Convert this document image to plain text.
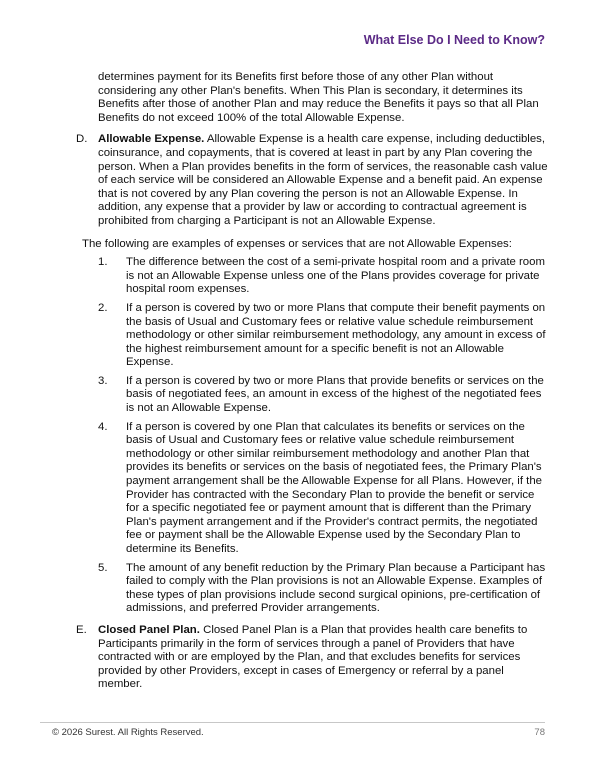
What Else Do I Need to Know?

determines payment for its Benefits first before those of any other Plan without considering any other Plan's benefits. When This Plan is secondary, it determines its Benefits after those of another Plan and may reduce the Benefits it pays so that all Plan Benefits do not exceed 100% of the total Allowable Expense.

D. Allowable Expense. Allowable Expense is a health care expense, including deductibles, coinsurance, and copayments, that is covered at least in part by any Plan covering the person. When a Plan provides benefits in the form of services, the reasonable cash value of each service will be considered an Allowable Expense and a benefit paid. An expense that is not covered by any Plan covering the person is not an Allowable Expense. In addition, any expense that a provider by law or according to contractual agreement is prohibited from charging a Participant is not an Allowable Expense.

The following are examples of expenses or services that are not Allowable Expenses:

1. The difference between the cost of a semi-private hospital room and a private room is not an Allowable Expense unless one of the Plans provides coverage for private hospital room expenses.
2. If a person is covered by two or more Plans that compute their benefit payments on the basis of Usual and Customary fees or relative value schedule reimbursement methodology or other similar reimbursement methodology, any amount in excess of the highest reimbursement amount for a specific benefit is not an Allowable Expense.
3. If a person is covered by two or more Plans that provide benefits or services on the basis of negotiated fees, an amount in excess of the highest of the negotiated fees is not an Allowable Expense.
4. If a person is covered by one Plan that calculates its benefits or services on the basis of Usual and Customary fees or relative value schedule reimbursement methodology or other similar reimbursement methodology and another Plan that provides its benefits or services on the basis of negotiated fees, the Primary Plan's payment arrangement shall be the Allowable Expense for all Plans. However, if the Provider has contracted with the Secondary Plan to provide the benefit or service for a specific negotiated fee or payment amount that is different than the Primary Plan's payment arrangement and if the Provider's contract permits, the negotiated fee or payment shall be the Allowable Expense used by the Secondary Plan to determine its Benefits.
5. The amount of any benefit reduction by the Primary Plan because a Participant has failed to comply with the Plan provisions is not an Allowable Expense. Examples of these types of plan provisions include second surgical opinions, pre-certification of admissions, and preferred Provider arrangements.
E. Closed Panel Plan. Closed Panel Plan is a Plan that provides health care benefits to Participants primarily in the form of services through a panel of Providers that have contracted with or are employed by the Plan, and that excludes benefits for services provided by other Providers, except in cases of Emergency or referral by a panel member.

© 2026 Surest. All Rights Reserved.	78
